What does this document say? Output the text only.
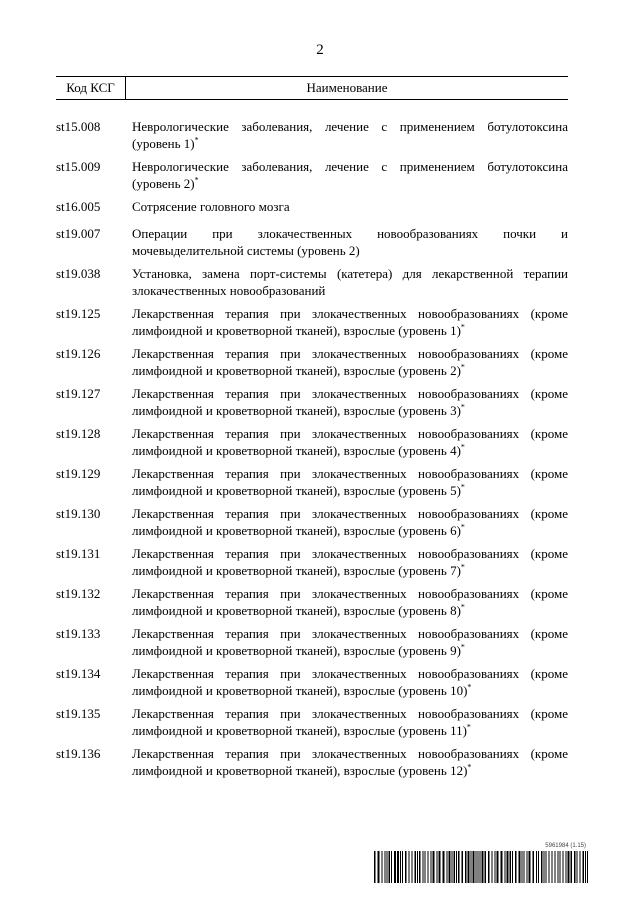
2
Код КСГ	Наименование
st15.008	Неврологические заболевания, лечение с применением ботулотоксина (уровень 1)*
st15.009	Неврологические заболевания, лечение с применением ботулотоксина (уровень 2)*
st16.005	Сотрясение головного мозга
st19.007	Операции при злокачественных новообразованиях почки и мочевыделительной системы (уровень 2)
st19.038	Установка, замена порт-системы (катетера) для лекарственной терапии злокачественных новообразований
st19.125	Лекарственная терапия при злокачественных новообразованиях (кроме лимфоидной и кроветворной тканей), взрослые (уровень 1)*
st19.126	Лекарственная терапия при злокачественных новообразованиях (кроме лимфоидной и кроветворной тканей), взрослые (уровень 2)*
st19.127	Лекарственная терапия при злокачественных новообразованиях (кроме лимфоидной и кроветворной тканей), взрослые (уровень 3)*
st19.128	Лекарственная терапия при злокачественных новообразованиях (кроме лимфоидной и кроветворной тканей), взрослые (уровень 4)*
st19.129	Лекарственная терапия при злокачественных новообразованиях (кроме лимфоидной и кроветворной тканей), взрослые (уровень 5)*
st19.130	Лекарственная терапия при злокачественных новообразованиях (кроме лимфоидной и кроветворной тканей), взрослые (уровень 6)*
st19.131	Лекарственная терапия при злокачественных новообразованиях (кроме лимфоидной и кроветворной тканей), взрослые (уровень 7)*
st19.132	Лекарственная терапия при злокачественных новообразованиях (кроме лимфоидной и кроветворной тканей), взрослые (уровень 8)*
st19.133	Лекарственная терапия при злокачественных новообразованиях (кроме лимфоидной и кроветворной тканей), взрослые (уровень 9)*
st19.134	Лекарственная терапия при злокачественных новообразованиях (кроме лимфоидной и кроветворной тканей), взрослые (уровень 10)*
st19.135	Лекарственная терапия при злокачественных новообразованиях (кроме лимфоидной и кроветворной тканей), взрослые (уровень 11)*
st19.136	Лекарственная терапия при злокачественных новообразованиях (кроме лимфоидной и кроветворной тканей), взрослые (уровень 12)*
5961984 (1.15)
